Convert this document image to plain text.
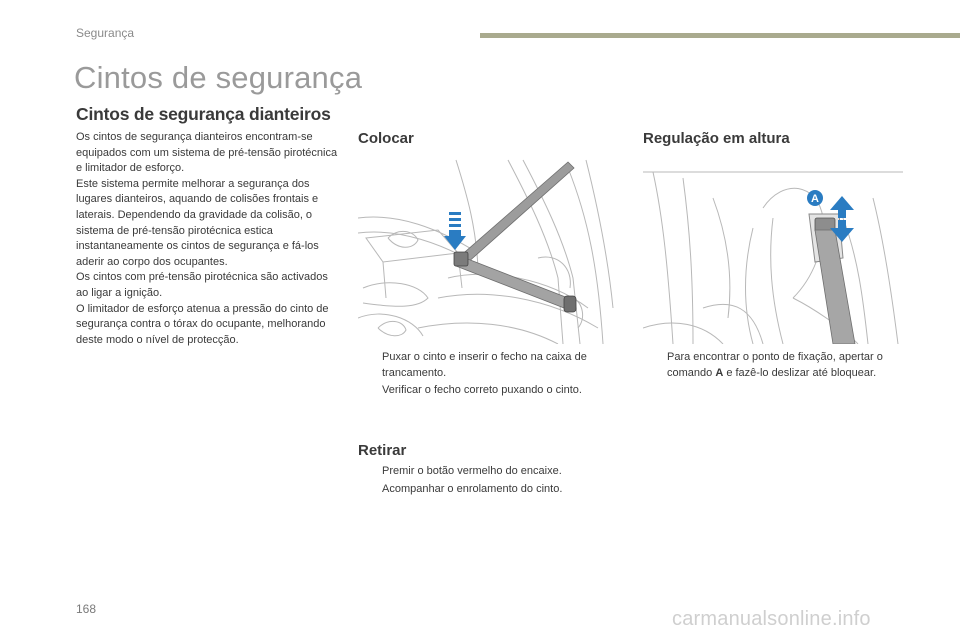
Segurança
Cintos de segurança
Cintos de segurança dianteiros

Os cintos de segurança dianteiros encontram-se equipados com um sistema de pré-tensão pirotécnica e limitador de esforço.

Este sistema permite melhorar a segurança dos lugares dianteiros, aquando de colisões frontais e laterais. Dependendo da gravidade da colisão, o sistema de pré-tensão pirotécnica estica instantaneamente os cintos de segurança e fá-los aderir ao corpo dos ocupantes.

Os cintos com pré-tensão pirotécnica são activados ao ligar a ignição.

O limitador de esforço atenua a pressão do cinto de segurança contra o tórax do ocupante, melhorando deste modo o nível de protecção.

Colocar
Puxar o cinto e inserir o fecho na caixa de trancamento.
Verificar o fecho correto puxando o cinto.
Retirar
Premir o botão vermelho do encaixe.
Acompanhar o enrolamento do cinto.
Regulação em altura
A
Para encontrar o ponto de fixação, apertar o comando A e fazê-lo deslizar até bloquear.
168	carmanualsonline.info
